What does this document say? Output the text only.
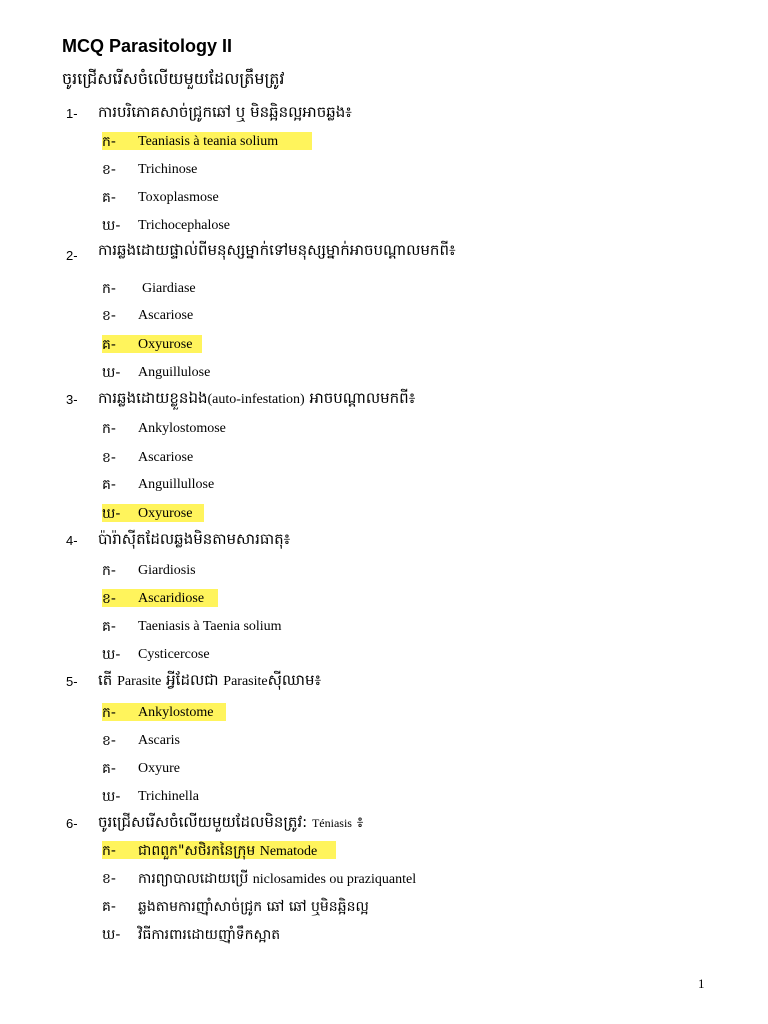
MCQ Parasitology II
ចូរជ្រើសរើសចំលើយមួយដែលត្រឹមត្រូវ
1- ការបរិភោគសាច់ជ្រូកឆៅ ឬ មិនឆ្អិនល្អអាចឆ្លង៖
ក- Teaniasis à teania solium
ខ- Trichinose
គ- Toxoplasmose
ឃ- Trichocephalose
2- ការឆ្លងដោយផ្ទាល់ពីមនុស្សម្នាក់ទៅមនុស្សម្នាក់អាចបណ្តាលមកពី៖
ក- Giardiase
ខ- Ascariose
គ- Oxyurose
ឃ- Anguillulose
3- ការឆ្លងដោយខ្លួនឯង(auto-infestation) អាចបណ្តាលមកពី៖
ក- Ankylostomose
ខ- Ascariose
គ- Anguillullose
ឃ- Oxyurose
4- ប៉ារ៉ាស៊ីតដែលឆ្លងមិនតាមសារធាតុ៖
ក- Giardiosis
ខ- Ascaridiose
គ- Taeniasis à Taenia solium
ឃ- Cysticercose
5- តើ Parasite អ្វីដែលជា Parasiteស៊ីឈាម៖
ក- Ankylostome
ខ- Ascaris
គ- Oxyure
ឃ- Trichinella
6- ចូរជ្រើសរើសចំលើយមួយដែលមិនត្រូវ: Téniasis ៖
ក- ជាពពួក"សថិរកនៃក្រុម Nematode
ខ- ការព្យាបាលដោយប្រើ niclosamides ou praziquantel
គ- ឆ្លងតាមការញ៉ាំសាច់ជ្រូក ឆៅ ឆៅ ឬមិនឆ្អិនល្អ
ឃ- វិធីការពារដោយញ៉ាំទឹកស្អាត
1
